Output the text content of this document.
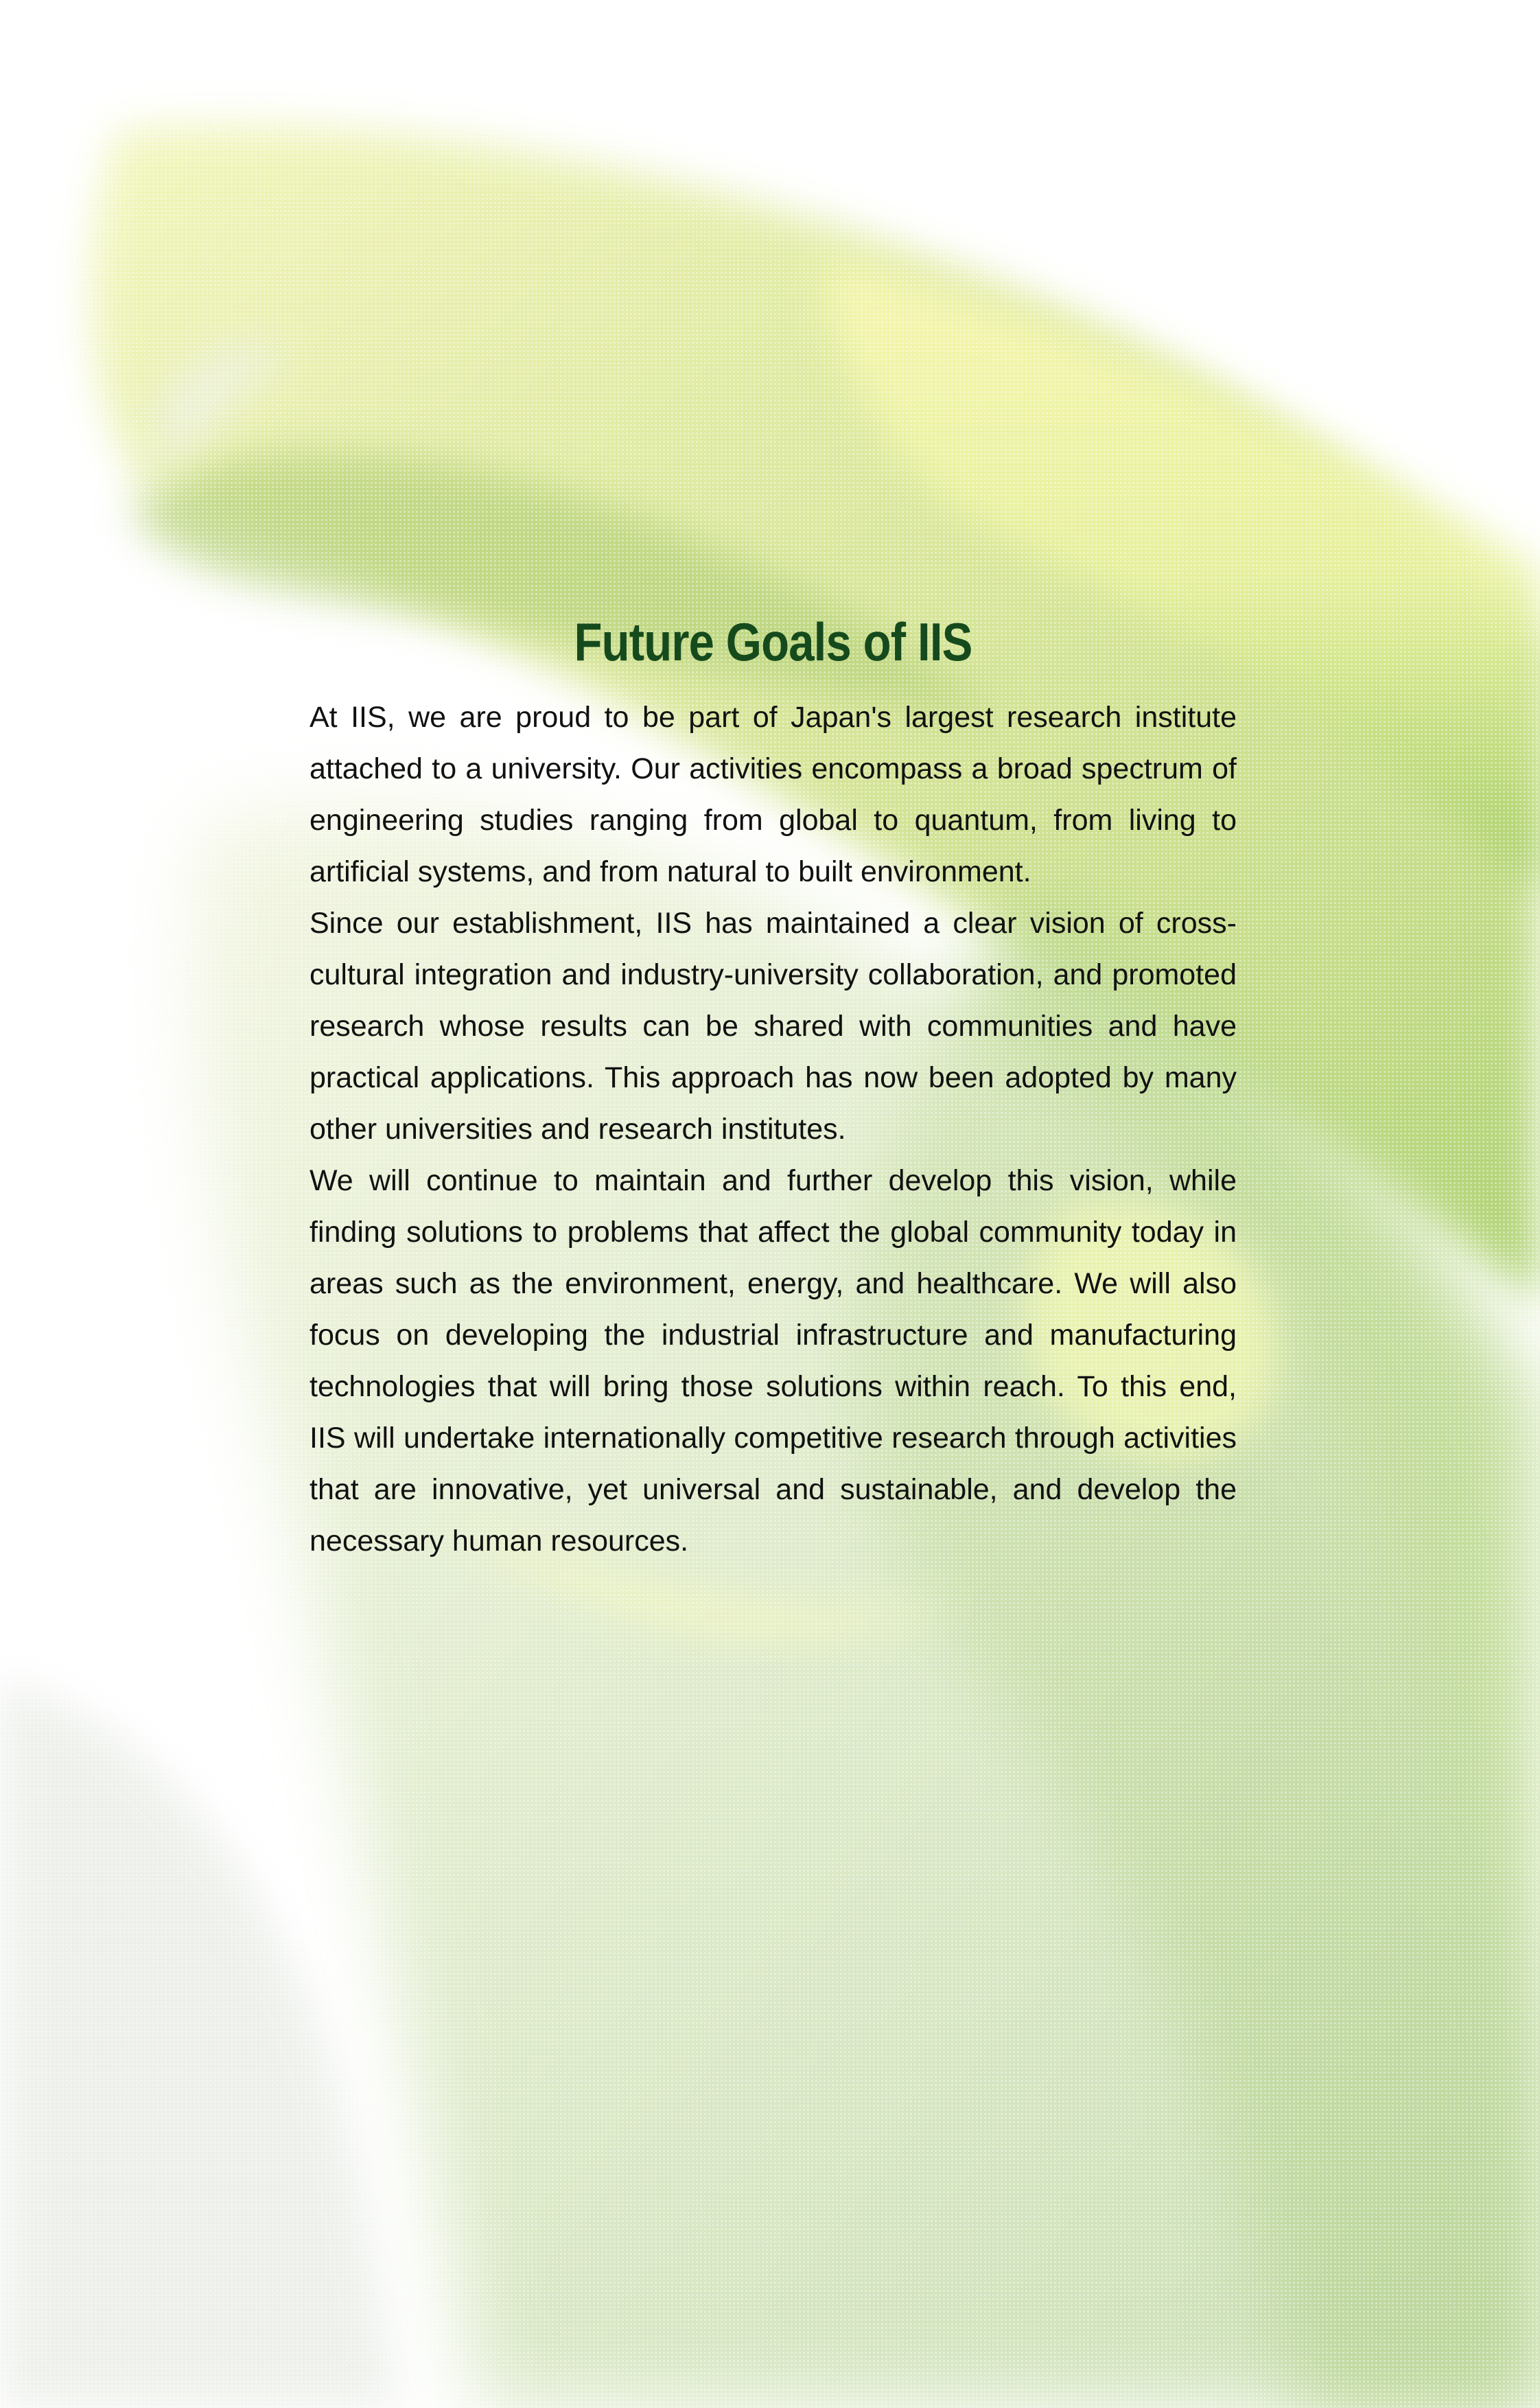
Future Goals of IIS

At IIS, we are proud to be part of Japan's largest research institute attached to a university. Our activities encompass a broad spectrum of engineering studies ranging from global to quantum, from living to artificial systems, and from natural to built environment.

Since our establishment, IIS has maintained a clear vision of cross-cultural integration and industry-university collaboration, and promoted research whose results can be shared with communities and have practical applications. This approach has now been adopted by many other universities and research institutes.

We will continue to maintain and further develop this vision, while finding solutions to problems that affect the global community today in areas such as the environment, energy, and healthcare. We will also focus on developing the industrial infrastructure and manufacturing technologies that will bring those solutions within reach. To this end, IIS will undertake internationally competitive research through activities that are innovative, yet universal and sustainable, and develop the necessary human resources.
